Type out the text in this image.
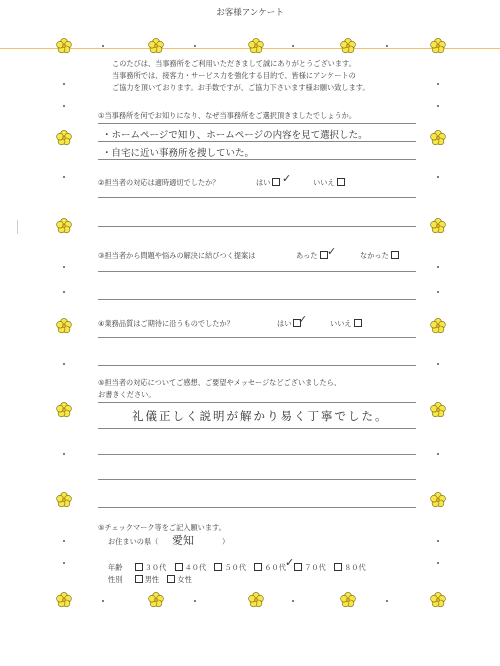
お客様アンケート
このたびは、当事務所をご利用いただきまして誠にありがとうございます。
当事務所では、接客力・サービス力を強化する目的で、皆様にアンケートの
ご協力を頂いております。お手数ですが、ご協力下さいます様お願い致します。
①当事務所を何でお知りになり、なぜ当事務所をご選択頂きましたでしょうか。
・ホームページで知り、ホームページの内容を見て選択した。
・自宅に近い事務所を捜していた。
②担当者の対応は適時適切でしたか？	はい	✓	いいえ
③担当者から問題や悩みの解決に結びつく提案は	あった ✓	なかった
④業務品質はご期待に沿うものでしたか？	はい ✓	いいえ
⑤担当者の対応についてご感想、ご要望やメッセージなどございましたら、
お書きください。
礼儀正しく説明が解かり易く丁寧でした。
⑤チェックマーク等をご記入願います。
お住まいの県（ 愛知	）
年齢	３０代	４０代	５０代	６０代	７０代	８０代
✓
性別	男性	女性
